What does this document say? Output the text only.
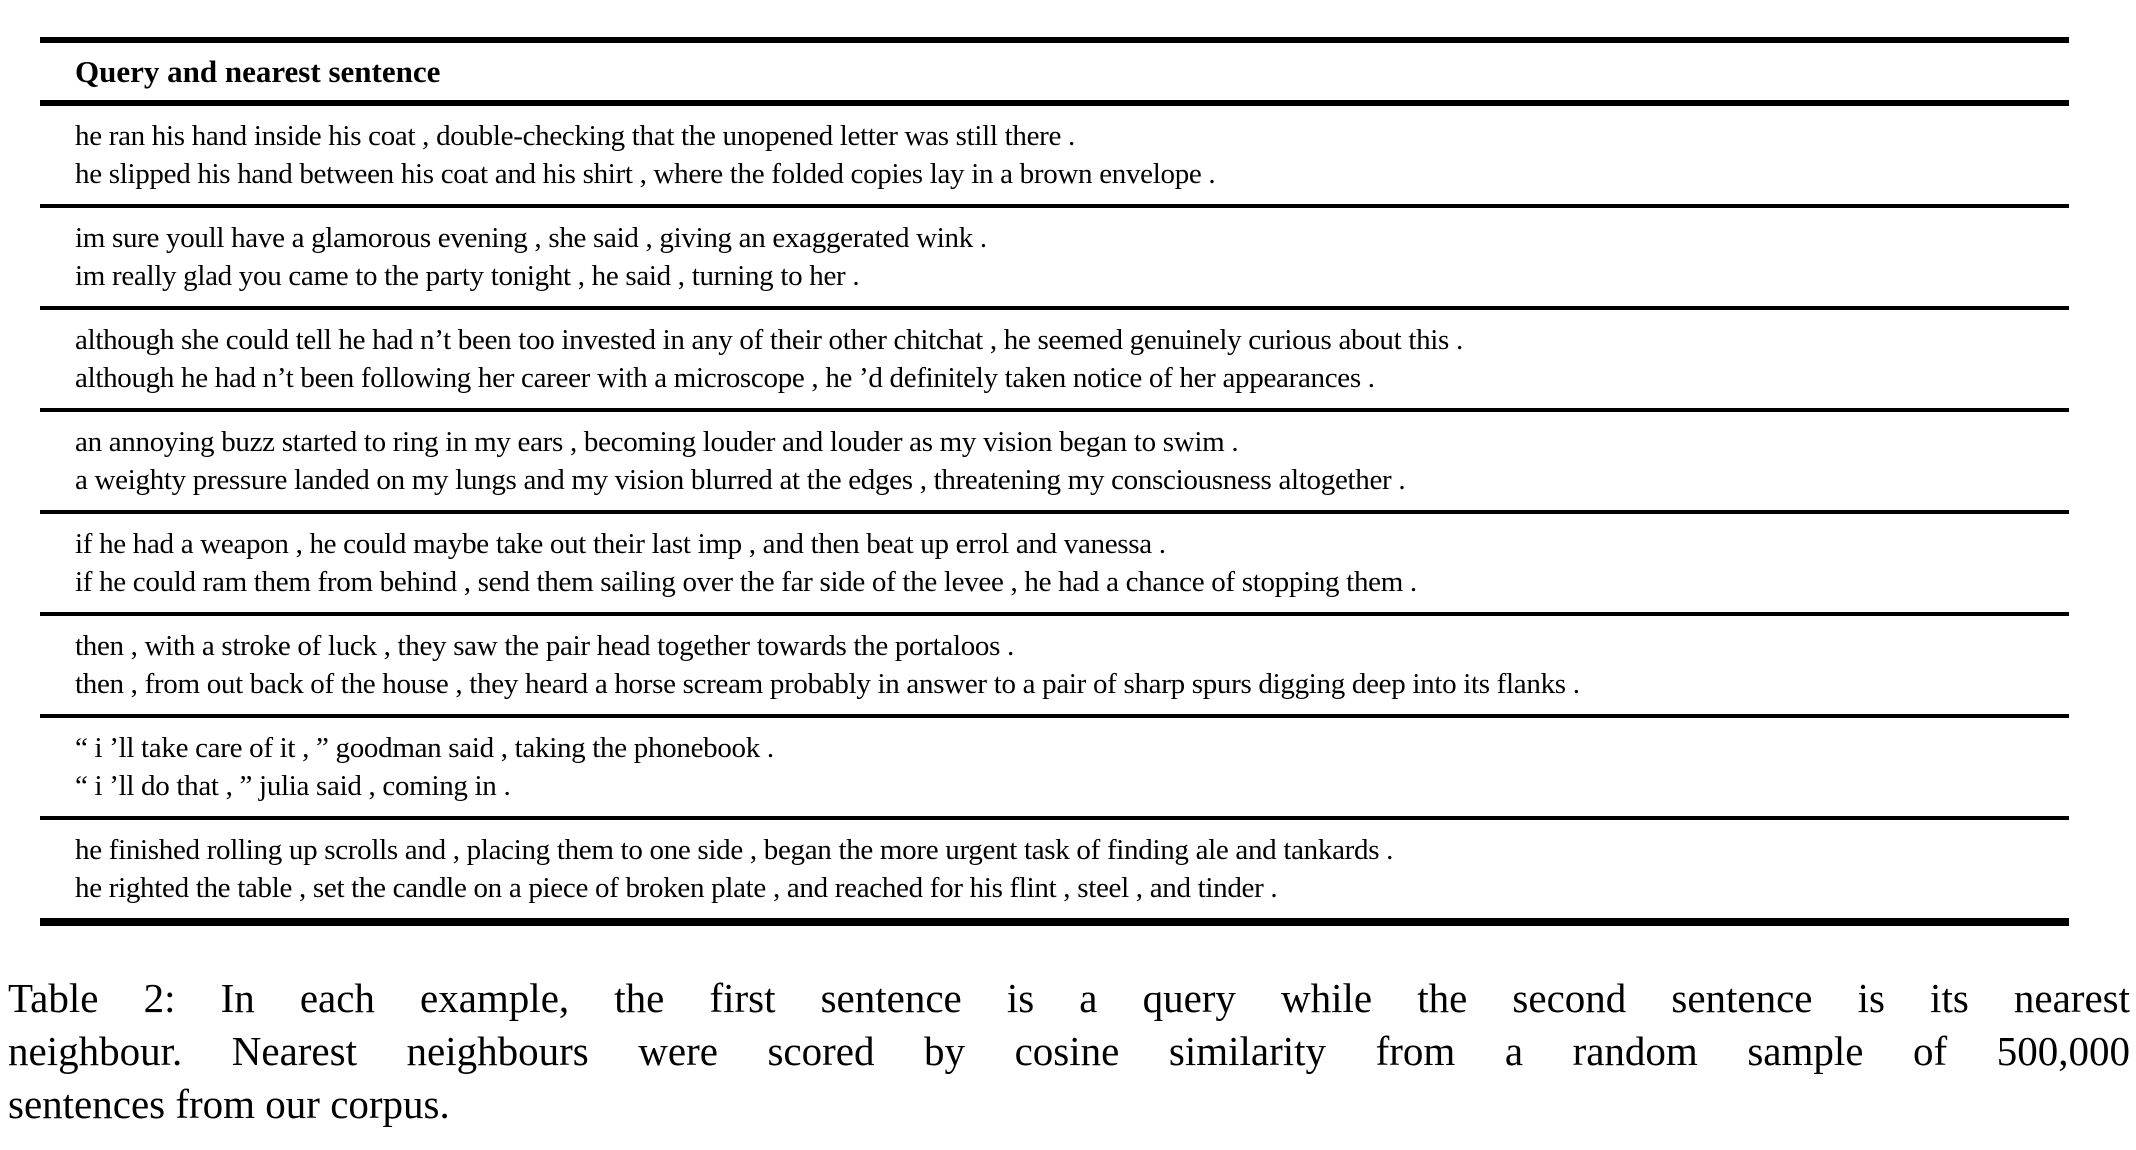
Query and nearest sentence
he ran his hand inside his coat , double-checking that the unopened letter was still there .
he slipped his hand between his coat and his shirt , where the folded copies lay in a brown envelope .
im sure youll have a glamorous evening , she said , giving an exaggerated wink .
im really glad you came to the party tonight , he said , turning to her .
although she could tell he had n’t been too invested in any of their other chitchat , he seemed genuinely curious about this .
although he had n’t been following her career with a microscope , he ’d definitely taken notice of her appearances .
an annoying buzz started to ring in my ears , becoming louder and louder as my vision began to swim .
a weighty pressure landed on my lungs and my vision blurred at the edges , threatening my consciousness altogether .
if he had a weapon , he could maybe take out their last imp , and then beat up errol and vanessa .
if he could ram them from behind , send them sailing over the far side of the levee , he had a chance of stopping them .
then , with a stroke of luck , they saw the pair head together towards the portaloos .
then , from out back of the house , they heard a horse scream probably in answer to a pair of sharp spurs digging deep into its flanks .
“ i ’ll take care of it , ” goodman said , taking the phonebook .
“ i ’ll do that , ” julia said , coming in .
he finished rolling up scrolls and , placing them to one side , began the more urgent task of finding ale and tankards .
he righted the table , set the candle on a piece of broken plate , and reached for his flint , steel , and tinder .
Table 2: In each example, the first sentence is a query while the second sentence is its nearest
neighbour. Nearest neighbours were scored by cosine similarity from a random sample of 500,000
sentences from our corpus.
